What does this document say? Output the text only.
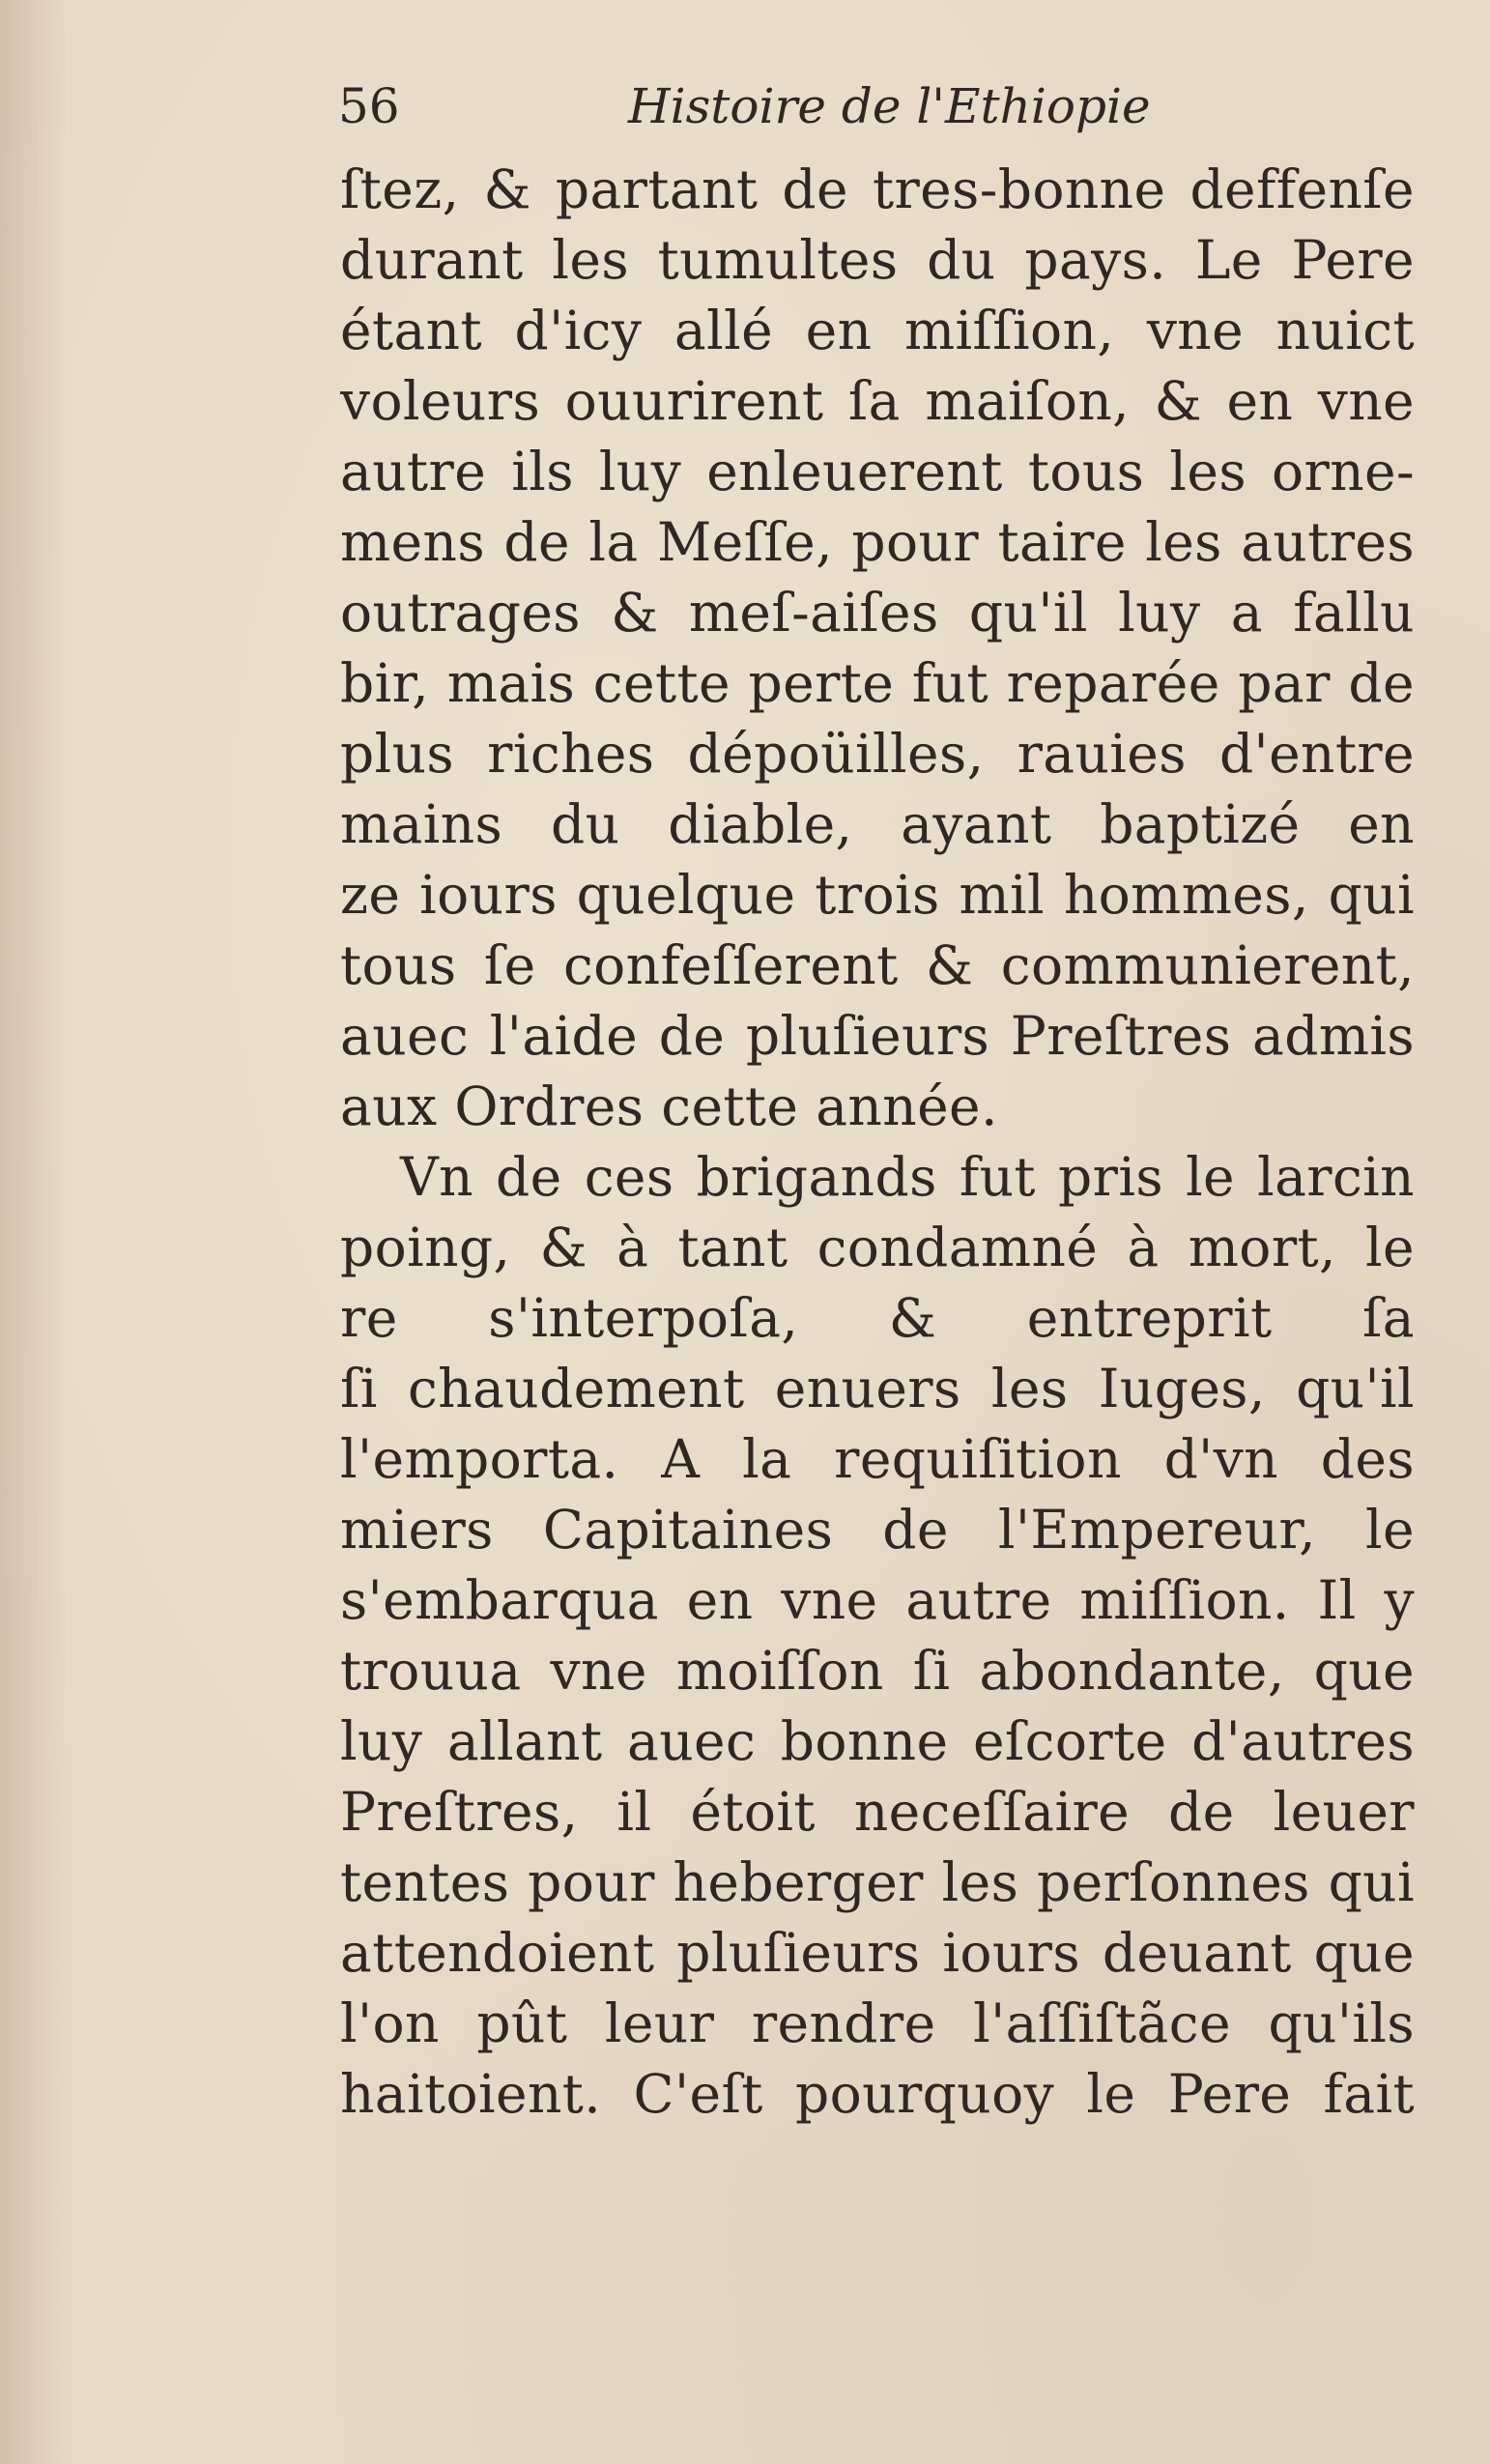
56	Histoire de l'Ethiopie
ſtez, & partant de tres-bonne deffenſe
durant les tumultes du pays. Le Pere
étant d'icy allé en miſſion, vne nuict
voleurs ouurirent ſa maiſon, & en vne
autre ils luy enleuerent tous les orne-
mens de la Meſſe, pour taire les autres
outrages & meſ-aiſes qu'il luy a fallu
bir, mais cette perte fut reparée par de
plus riches dépoüilles, rauies d'entre
mains du diable, ayant baptizé en
ze iours quelque trois mil hommes, qui
tous ſe confeſſerent & communierent,
auec l'aide de pluſieurs Preſtres admis
aux Ordres cette année.
Vn de ces brigands fut pris le larcin
poing, & à tant condamné à mort, le
re s'interpoſa, & entreprit ſa
ſi chaudement enuers les Iuges, qu'il
l'emporta. A la requiſition d'vn des
miers Capitaines de l'Empereur, le
s'embarqua en vne autre miſſion. Il y
trouua vne moiſſon ſi abondante, que
luy allant auec bonne eſcorte d'autres
Preſtres, il étoit neceſſaire de leuer
tentes pour heberger les perſonnes qui
attendoient pluſieurs iours deuant que
l'on pût leur rendre l'aſſiſtãce qu'ils
haitoient. C'eſt pourquoy le Pere fait
